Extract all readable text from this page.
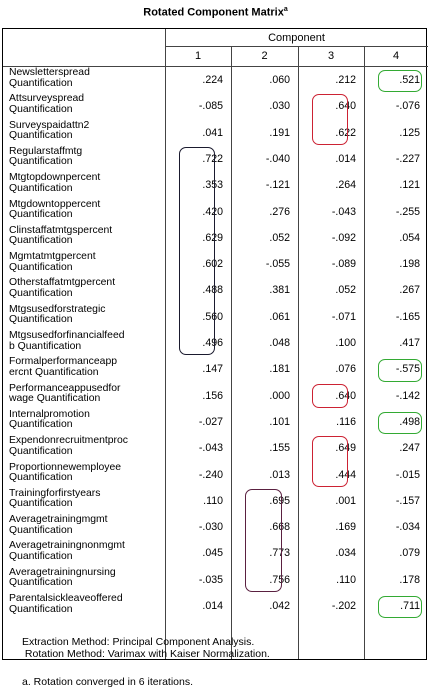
Rotated Component Matrix$^a$
Component
1	2	3	4
Newsletterspread
Quantification	.224	.060	.212	.521
Attsurveyspread
Quantification	-.085	.030	.640	-.076
Surveyspaidattn2
Quantification	.041	.191	.622	.125
Regularstaffmtg
Quantification	.722	-.040	.014	-.227
Mtgtopdownpercent
Quantification	.353	-.121	.264	.121
Mtgdowntoppercent
Quantification	.420	.276	-.043	-.255
Clinstaffatmtgspercent
Quantification	.629	.052	-.092	.054
Mgmtatmtgpercent
Quantification	.602	-.055	-.089	.198
Otherstaffatmtgpercent
Quantification	.488	.381	.052	.267
Mtgsusedforstrategic
Quantification	.560	.061	-.071	-.165
Mtgsusedforfinancialfeed
b Quantification	.496	.048	.100	.417
Formalperformanceapp
ercnt Quantification	.147	.181	.076	-.575
Performanceappusedfor
wage Quantification	.156	.000	.640	-.142
Internalpromotion
Quantification	-.027	.101	.116	.498
Expendonrecruitmentproc
Quantification	-.043	.155	.649	.247
Proportionnewemployee
Quantification	-.240	.013	.444	-.015
Trainingforfirstyears
Quantification	.110	.695	.001	-.157
Averagetrainingmgmt
Quantification	-.030	.668	.169	-.034
Averagetrainingnonmgmt
Quantification	.045	.773	.034	.079
Averagetrainingnursing
Quantification	-.035	.756	.110	.178
Parentalsickleaveoffered
Quantification	.014	.042	-.202	.711
Extraction Method: Principal Component Analysis.
Rotation Method: Varimax with Kaiser Normalization.
a. Rotation converged in 6 iterations.
